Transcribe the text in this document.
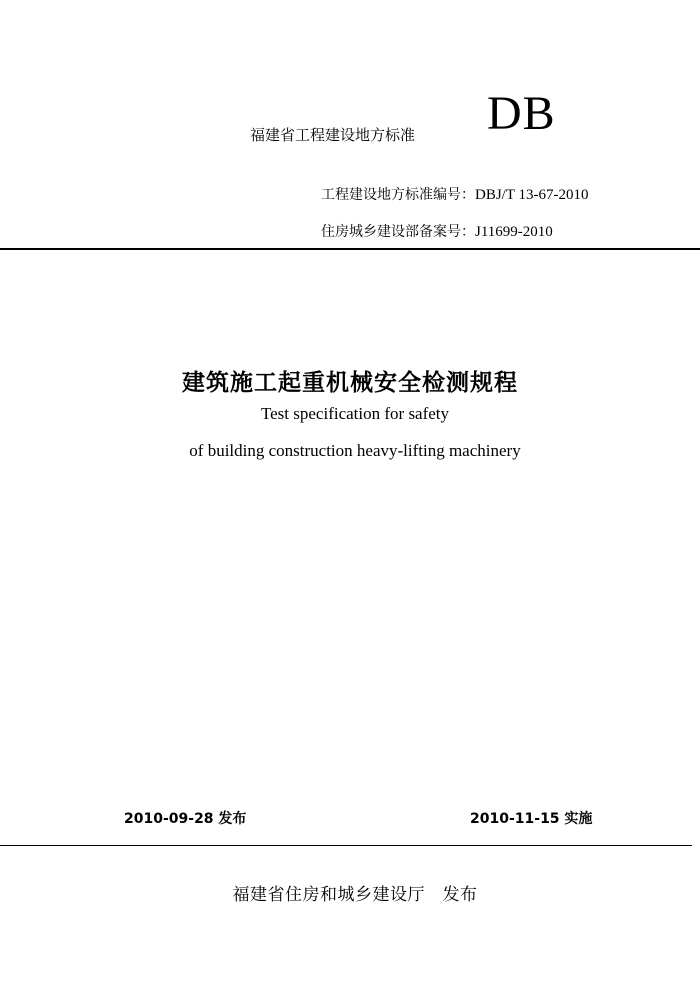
福建省工程建设地方标准 DB
工程建设地方标准编号：DBJ/T 13-67-2010
住房城乡建设部备案号：J11699-2010
建筑施工起重机械安全检测规程
Test specification for safety
of building construction heavy-lifting machinery
2010-09-28 发布	2010-11-15 实施
福建省住房和城乡建设厅　发布
